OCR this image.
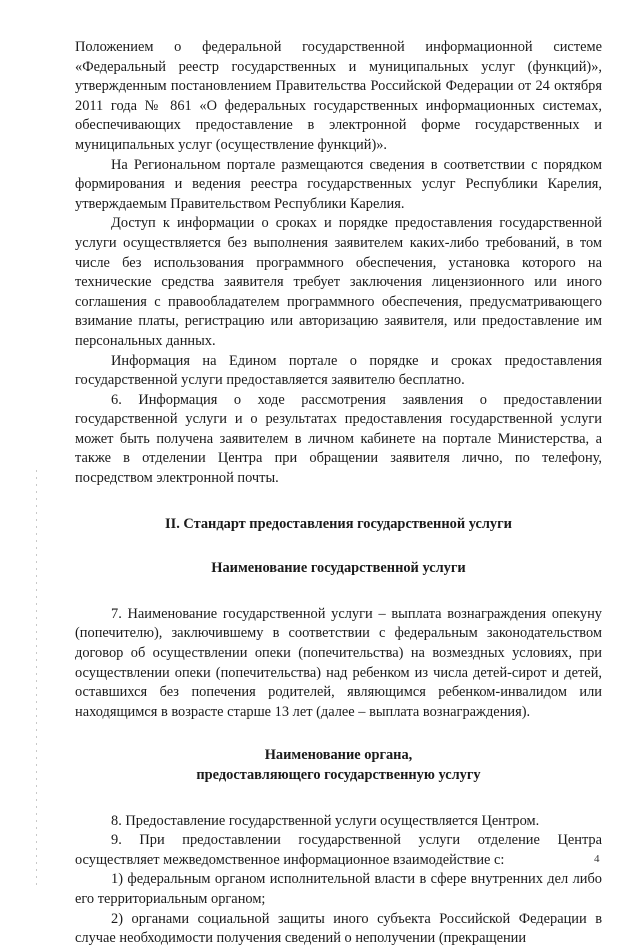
Положением о федеральной государственной информационной системе «Федеральный реестр государственных и муниципальных услуг (функций)», утвержденным постановлением Правительства Российской Федерации от 24 октября 2011 года № 861 «О федеральных государственных информационных системах, обеспечивающих предоставление в электронной форме государственных и муниципальных услуг (осуществление функций)».

На Региональном портале размещаются сведения в соответствии с порядком формирования и ведения реестра государственных услуг Республики Карелия, утверждаемым Правительством Республики Карелия.

Доступ к информации о сроках и порядке предоставления государственной услуги осуществляется без выполнения заявителем каких-либо требований, в том числе без использования программного обеспечения, установка которого на технические средства заявителя требует заключения лицензионного или иного соглашения с правообладателем программного обеспечения, предусматривающего взимание платы, регистрацию или авторизацию заявителя, или предоставление им персональных данных.

Информация на Едином портале о порядке и сроках предоставления государственной услуги предоставляется заявителю бесплатно.

6. Информация о ходе рассмотрения заявления о предоставлении государственной услуги и о результатах предоставления государственной услуги может быть получена заявителем в личном кабинете на портале Министерства, а также в отделении Центра при обращении заявителя лично, по телефону, посредством электронной почты.

II. Стандарт предоставления государственной услуги

Наименование государственной услуги

7. Наименование государственной услуги – выплата вознаграждения опекуну (попечителю), заключившему в соответствии с федеральным законодательством договор об осуществлении опеки (попечительства) на возмездных условиях, при осуществлении опеки (попечительства) над ребенком из числа детей-сирот и детей, оставшихся без попечения родителей, являющимся ребенком-инвалидом или находящимся в возрасте старше 13 лет (далее – выплата вознаграждения).

Наименование органа,

предоставляющего государственную услугу

8. Предоставление государственной услуги осуществляется Центром.

9. При предоставлении государственной услуги отделение Центра осуществляет межведомственное информационное взаимодействие с:

1) федеральным органом исполнительной власти в сфере внутренних дел либо его территориальным органом;

2) органами социальной защиты иного субъекта Российской Федерации в случае необходимости получения сведений о неполучении (прекращении

4
